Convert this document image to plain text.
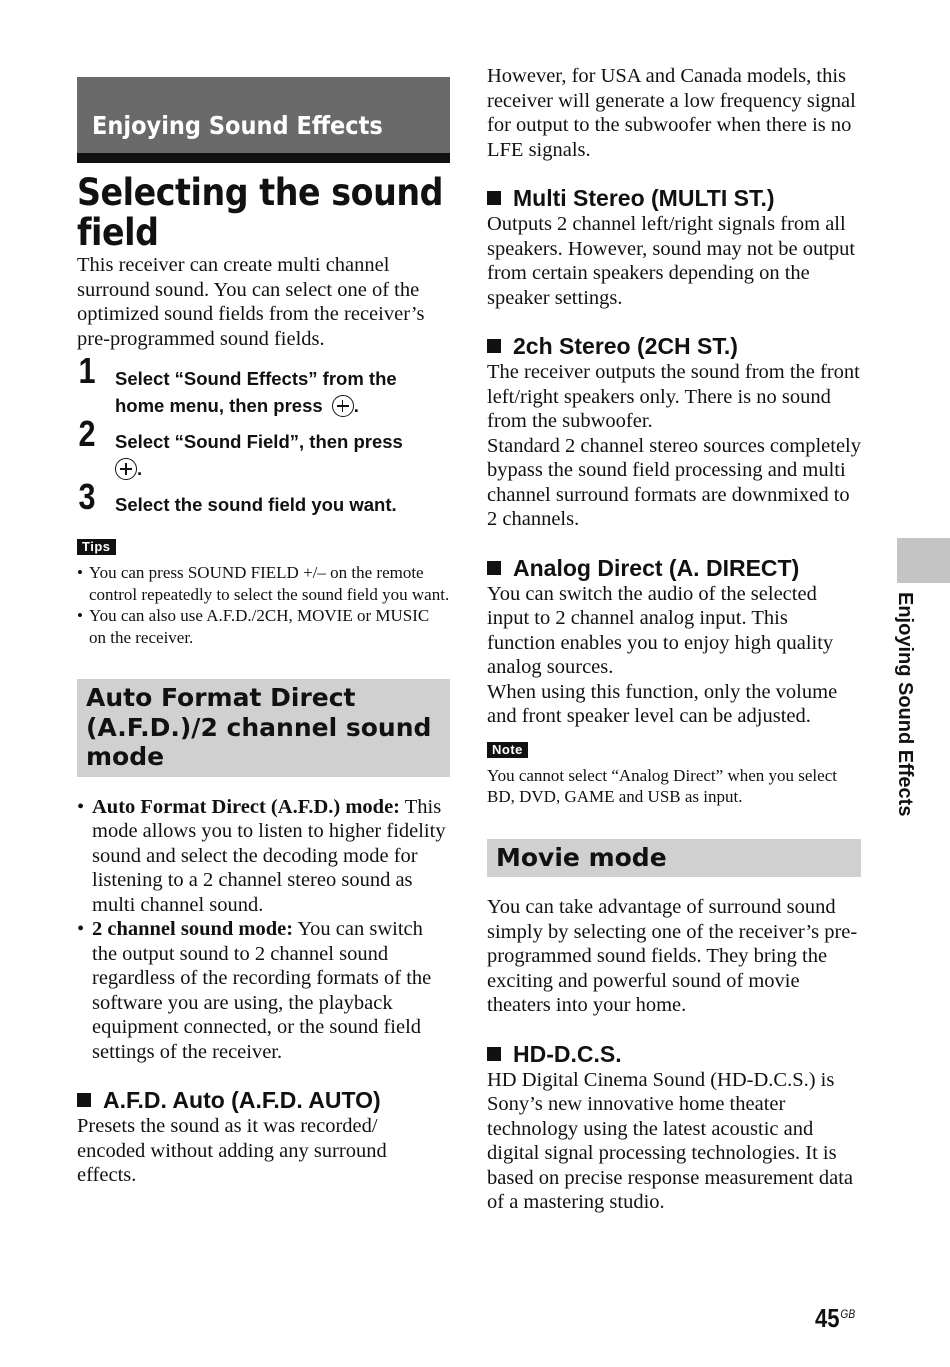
Enjoying Sound Effects
Selecting the sound field

This receiver can create multi channel surround sound. You can select one of the optimized sound fields from the receiver’s pre-programmed sound fields.

1 Select “Sound Effects” from the home menu, then press .
2 Select “Sound Field”, then press
.
3 Select the sound field you want.
Tips
• You can press SOUND FIELD +/– on the remote control repeatedly to select the sound field you want.
• You can also use A.F.D./2CH, MOVIE or MUSIC on the receiver.
Auto Format Direct (A.F.D.)/2 channel sound mode
• Auto Format Direct (A.F.D.) mode: This mode allows you to listen to higher fidelity sound and select the decoding mode for listening to a 2 channel stereo sound as multi channel sound.
• 2 channel sound mode: You can switch the output sound to 2 channel sound regardless of the recording formats of the software you are using, the playback equipment connected, or the sound field settings of the receiver.
A.F.D. Auto (A.F.D. AUTO)

Presets the sound as it was recorded/ encoded without adding any surround effects.

However, for USA and Canada models, this receiver will generate a low frequency signal for output to the subwoofer when there is no LFE signals.

Multi Stereo (MULTI ST.)

Outputs 2 channel left/right signals from all speakers. However, sound may not be output from certain speakers depending on the speaker settings.

2ch Stereo (2CH ST.)

The receiver outputs the sound from the front left/right speakers only. There is no sound from the subwoofer.

Standard 2 channel stereo sources completely bypass the sound field processing and multi channel surround formats are downmixed to 2 channels.

Analog Direct (A. DIRECT)

You can switch the audio of the selected input to 2 channel analog input. This function enables you to enjoy high quality analog sources.

When using this function, only the volume and front speaker level can be adjusted.

Note

You cannot select “Analog Direct” when you select BD, DVD, GAME and USB as input.

Movie mode

You can take advantage of surround sound simply by selecting one of the receiver’s pre-programmed sound fields. They bring the exciting and powerful sound of movie theaters into your home.

HD-D.C.S.

HD Digital Cinema Sound (HD-D.C.S.) is Sony’s new innovative home theater technology using the latest acoustic and digital signal processing technologies. It is based on precise response measurement data of a mastering studio.

Enjoying Sound Effects
$45^{GB}$
